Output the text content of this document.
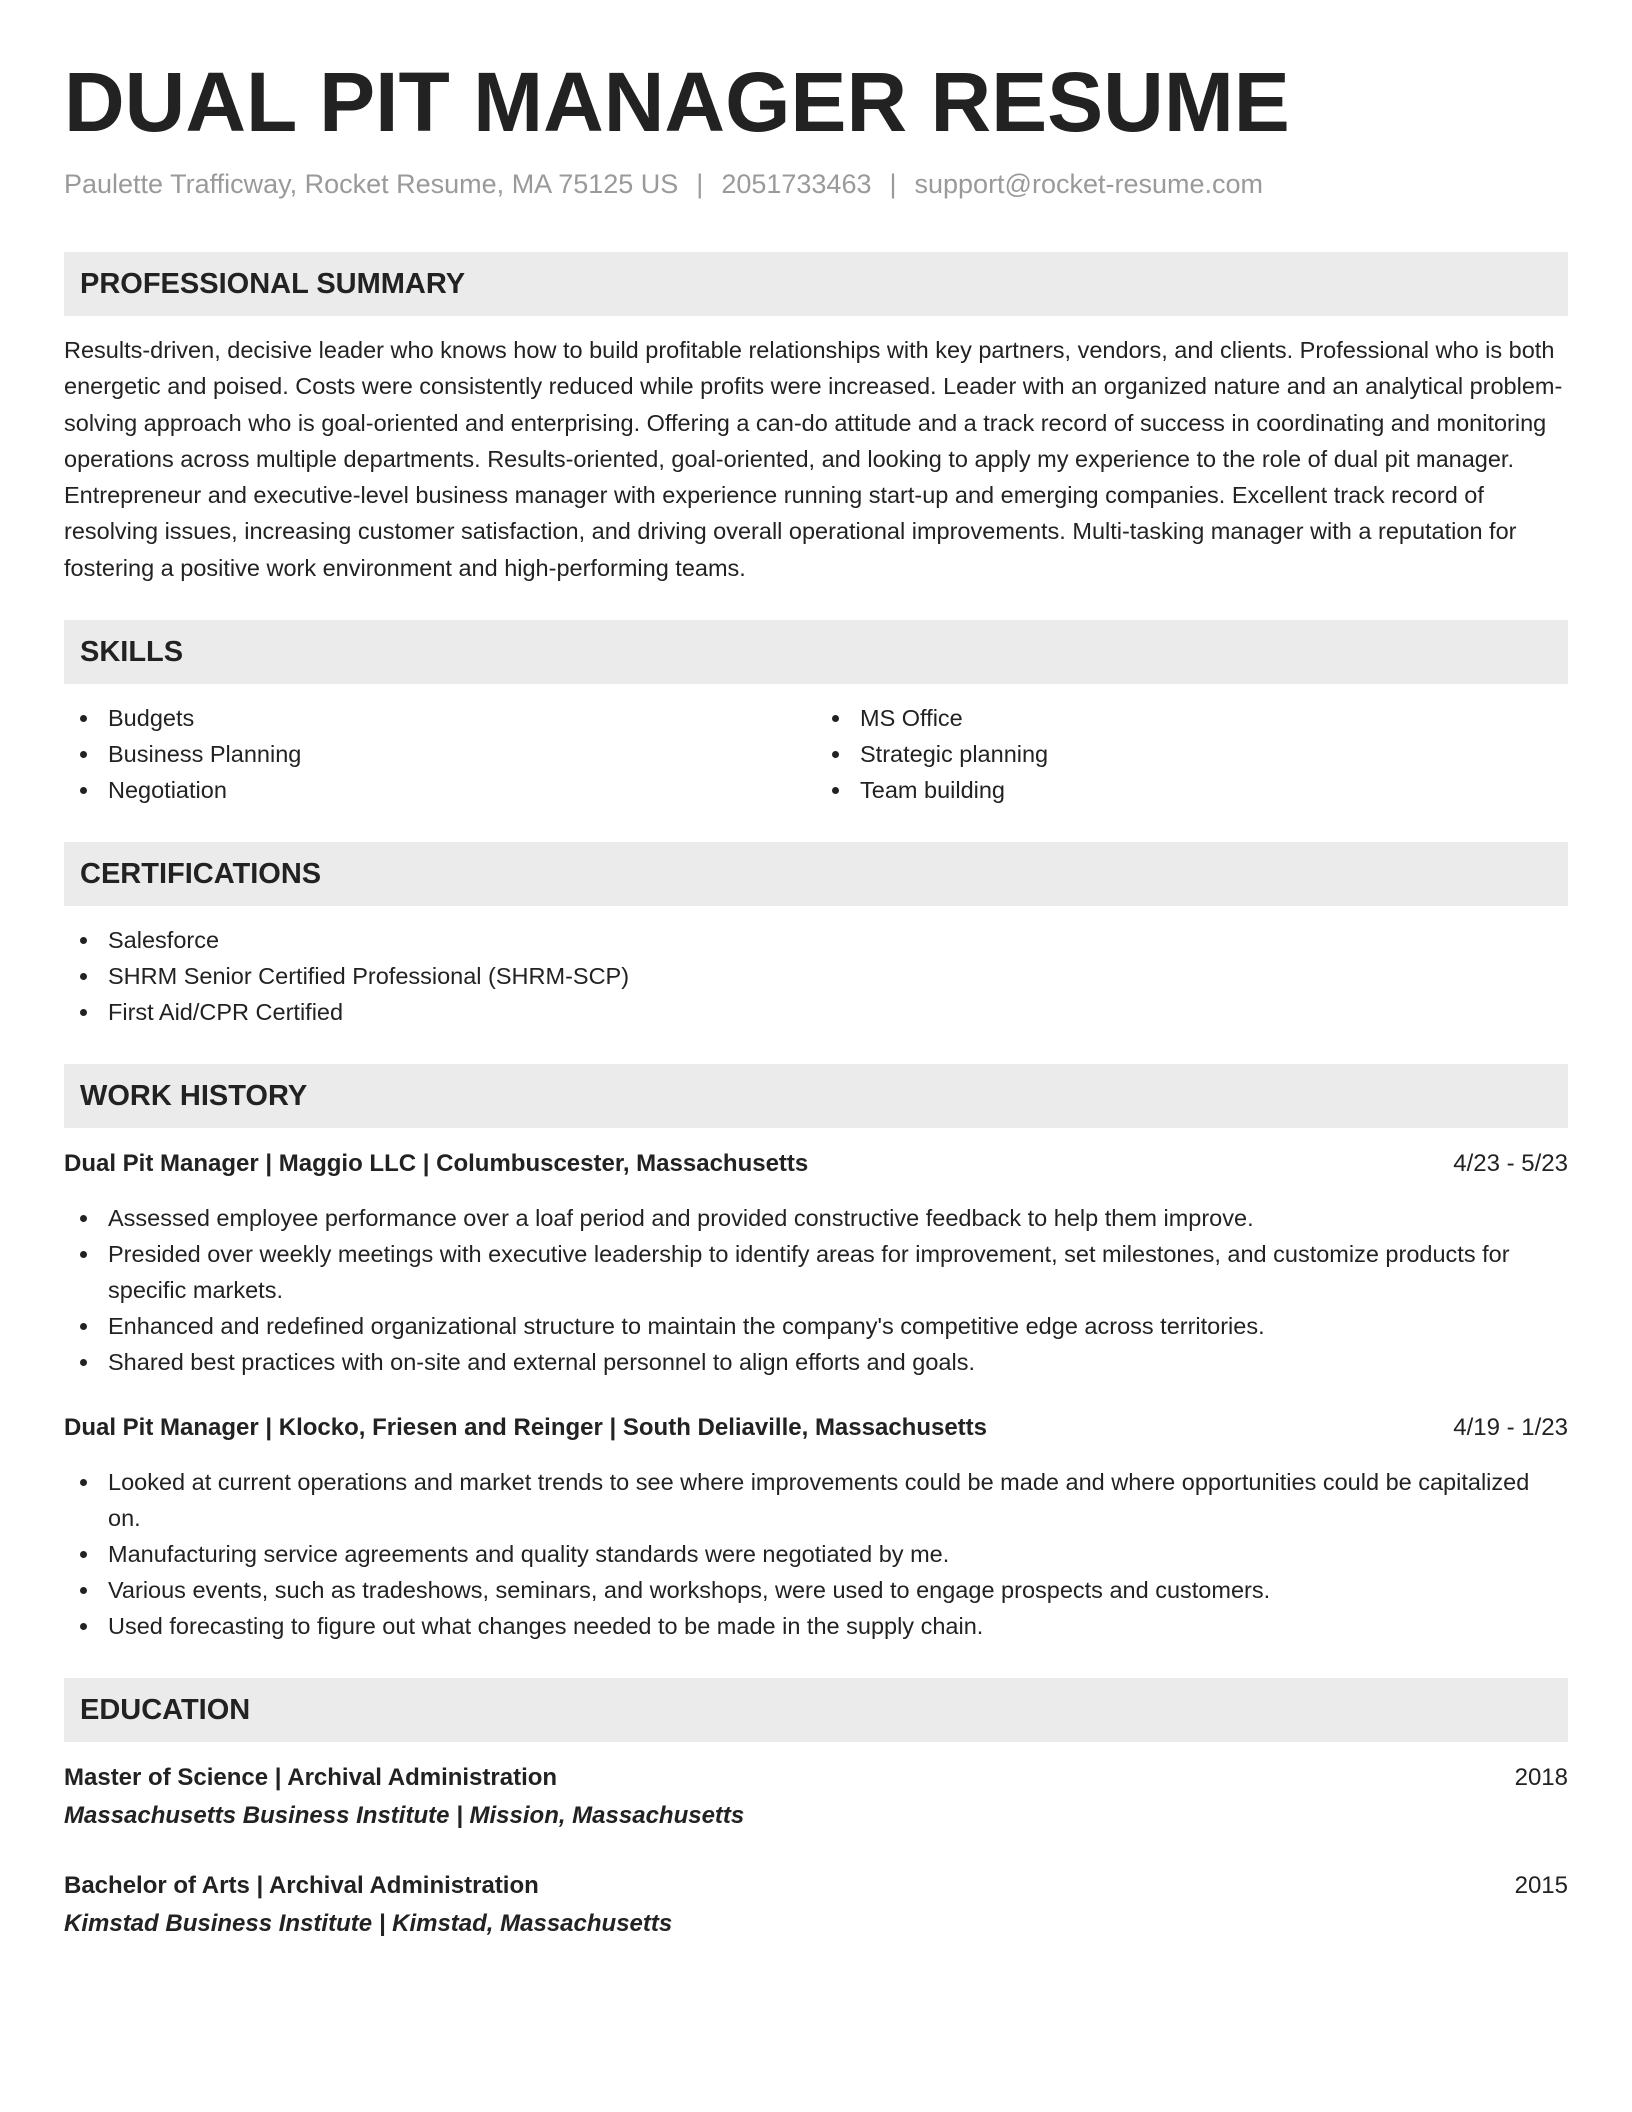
DUAL PIT MANAGER RESUME
Paulette Trafficway, Rocket Resume, MA 75125 US | 2051733463 | support@rocket-resume.com
PROFESSIONAL SUMMARY
Results-driven, decisive leader who knows how to build profitable relationships with key partners, vendors, and clients. Professional who is both energetic and poised. Costs were consistently reduced while profits were increased. Leader with an organized nature and an analytical problem-solving approach who is goal-oriented and enterprising. Offering a can-do attitude and a track record of success in coordinating and monitoring operations across multiple departments. Results-oriented, goal-oriented, and looking to apply my experience to the role of dual pit manager. Entrepreneur and executive-level business manager with experience running start-up and emerging companies. Excellent track record of resolving issues, increasing customer satisfaction, and driving overall operational improvements. Multi-tasking manager with a reputation for fostering a positive work environment and high-performing teams.
SKILLS
Budgets
Business Planning
Negotiation
MS Office
Strategic planning
Team building
CERTIFICATIONS
Salesforce
SHRM Senior Certified Professional (SHRM-SCP)
First Aid/CPR Certified
WORK HISTORY
Dual Pit Manager | Maggio LLC | Columbuscester, Massachusetts	4/23 - 5/23
Assessed employee performance over a loaf period and provided constructive feedback to help them improve.
Presided over weekly meetings with executive leadership to identify areas for improvement, set milestones, and customize products for specific markets.
Enhanced and redefined organizational structure to maintain the company's competitive edge across territories.
Shared best practices with on-site and external personnel to align efforts and goals.
Dual Pit Manager | Klocko, Friesen and Reinger | South Deliaville, Massachusetts	4/19 - 1/23
Looked at current operations and market trends to see where improvements could be made and where opportunities could be capitalized on.
Manufacturing service agreements and quality standards were negotiated by me.
Various events, such as tradeshows, seminars, and workshops, were used to engage prospects and customers.
Used forecasting to figure out what changes needed to be made in the supply chain.
EDUCATION
Master of Science | Archival Administration	2018
Massachusetts Business Institute | Mission, Massachusetts
Bachelor of Arts | Archival Administration	2015
Kimstad Business Institute | Kimstad, Massachusetts
